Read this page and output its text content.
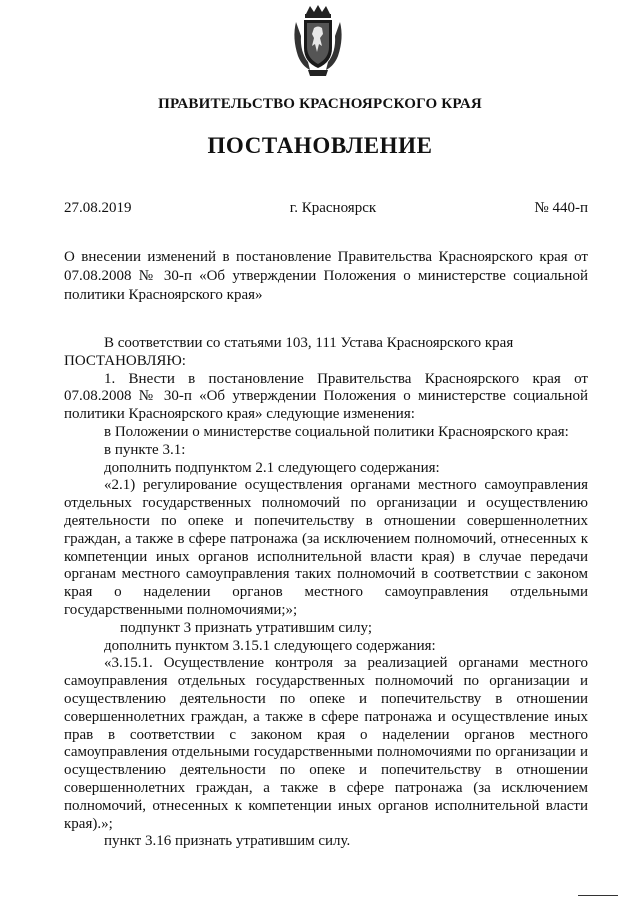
ПРАВИТЕЛЬСТВО КРАСНОЯРСКОГО КРАЯ
ПОСТАНОВЛЕНИЕ
27.08.2019	г. Красноярск	№ 440-п
О внесении изменений в постановление Правительства Красноярского края от 07.08.2008 № 30-п «Об утверждении Положения о министерстве социальной политики Красноярского края»

В соответствии со статьями 103, 111 Устава Красноярского края

ПОСТАНОВЛЯЮ:

1. Внести в постановление Правительства Красноярского края от 07.08.2008 № 30-п «Об утверждении Положения о министерстве социальной политики Красноярского края» следующие изменения:

в Положении о министерстве социальной политики Красноярского края:

в пункте 3.1:

дополнить подпунктом 2.1 следующего содержания:

«2.1) регулирование осуществления органами местного самоуправления отдельных государственных полномочий по организации и осуществлению деятельности по опеке и попечительству в отношении совершеннолетних граждан, а также в сфере патронажа (за исключением полномочий, отнесенных к компетенции иных органов исполнительной власти края) в случае передачи органам местного самоуправления таких полномочий в соответствии с законом края о наделении органов местного самоуправления отдельными государственными полномочиями;»;

подпункт 3 признать утратившим силу;

дополнить пунктом 3.15.1 следующего содержания:

«3.15.1. Осуществление контроля за реализацией органами местного самоуправления отдельных государственных полномочий по организации и осуществлению деятельности по опеке и попечительству в отношении совершеннолетних граждан, а также в сфере патронажа и осуществление иных прав в соответствии с законом края о наделении органов местного самоуправления отдельными государственными полномочиями по организации и осуществлению деятельности по опеке и попечительству в отношении совершеннолетних граждан, а также в сфере патронажа (за исключением полномочий, отнесенных к компетенции иных органов исполнительной власти края).»;

пункт 3.16 признать утратившим силу.
